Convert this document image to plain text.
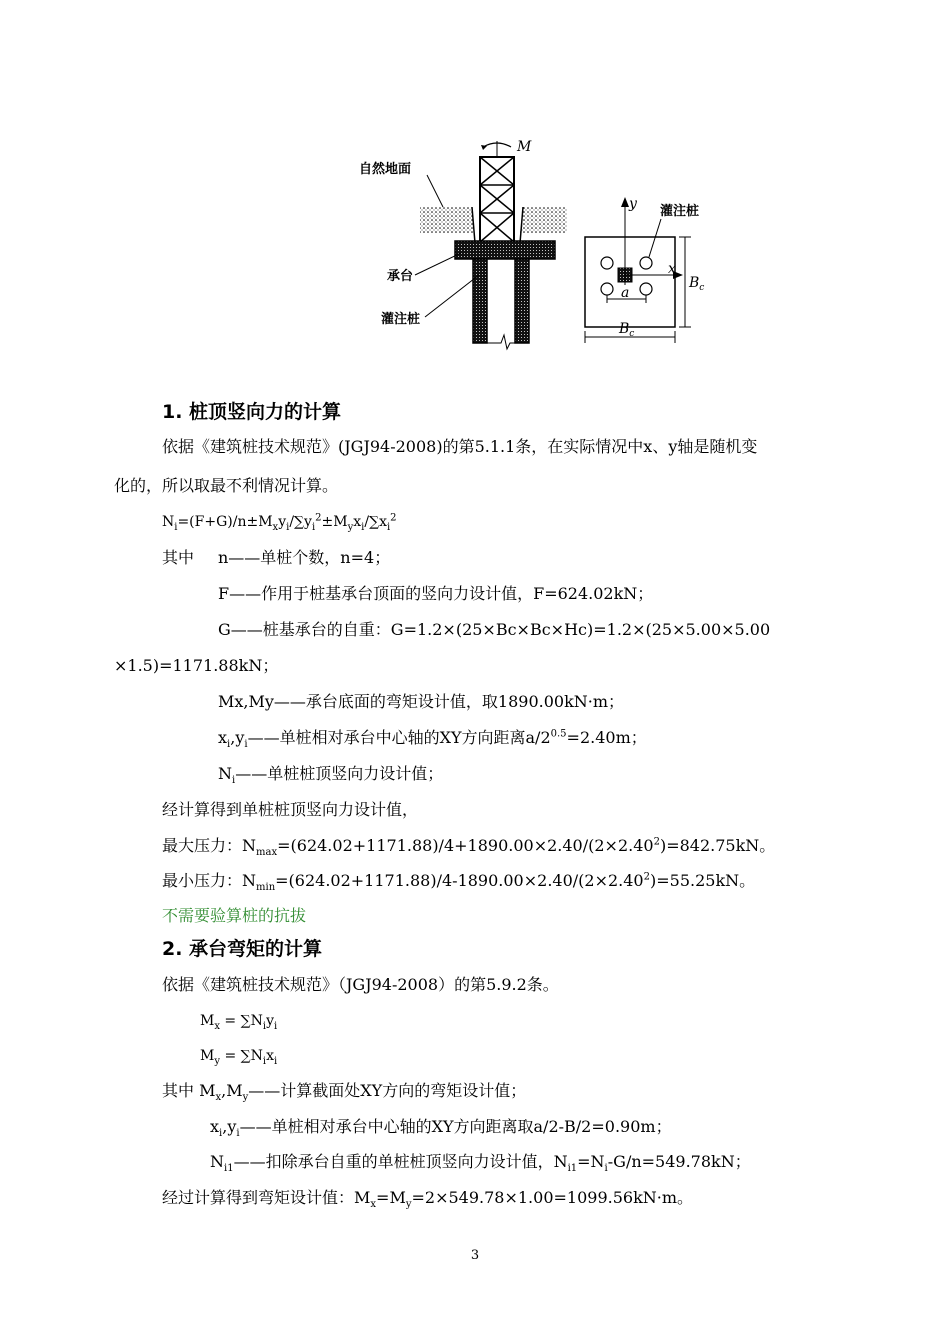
M
自然地面
承台
灌注桩
y
x
a
灌注桩
$B_c$
$B_c$
1. 桩顶竖向力的计算
依据《建筑桩技术规范》(JGJ94-2008)的第5.1.1条，在实际情况中x、y轴是随机变
化的，所以取最不利情况计算。
$N_i=(F+G)/n\pm M_xy_i/\sum y_i^2\pm M_yx_i/\sum x_i^2$
其中 n——单桩个数，n=4；
F——作用于桩基承台顶面的竖向力设计值，F=624.02kN；
G——桩基承台的自重：G=1.2×(25×Bc×Bc×Hc)=1.2×(25×5.00×5.00
×1.5)=1171.88kN；
Mx,My——承台底面的弯矩设计值，取1890.00kN·m；
$x_i,y_i——$单桩相对承台中心轴的XY方向距离$a/2^{0.5}=2.40m$；
$N_i——$单桩桩顶竖向力设计值；
经计算得到单桩桩顶竖向力设计值，
最大压力：$N_{max}=(624.02+1171.88)/4+1890.00\times 2.40/(2\times 2.40^2)=842.75kN$。
最小压力：$N_{min}=(624.02+1171.88)/4-1890.00\times 2.40/(2\times 2.40^2)=55.25kN$。
不需要验算桩的抗拔
2. 承台弯矩的计算
依据《建筑桩技术规范》（JGJ94-2008）的第5.9.2条。
$M_x = \sum N_iy_i$
$M_y = \sum N_ix_i$
其中 $M_x,M_y——$计算截面处XY方向的弯矩设计值；
$x_i,y_i——$单桩相对承台中心轴的XY方向距离取a/2-B/2=0.90m；
$N_{i1}——$扣除承台自重的单桩桩顶竖向力设计值，$N_{i1}=N_i-G/n=549.78kN$；
经过计算得到弯矩设计值：$M_x=M_y=2\times 549.78\times 1.00=1099.56kN\cdot m$。
3
